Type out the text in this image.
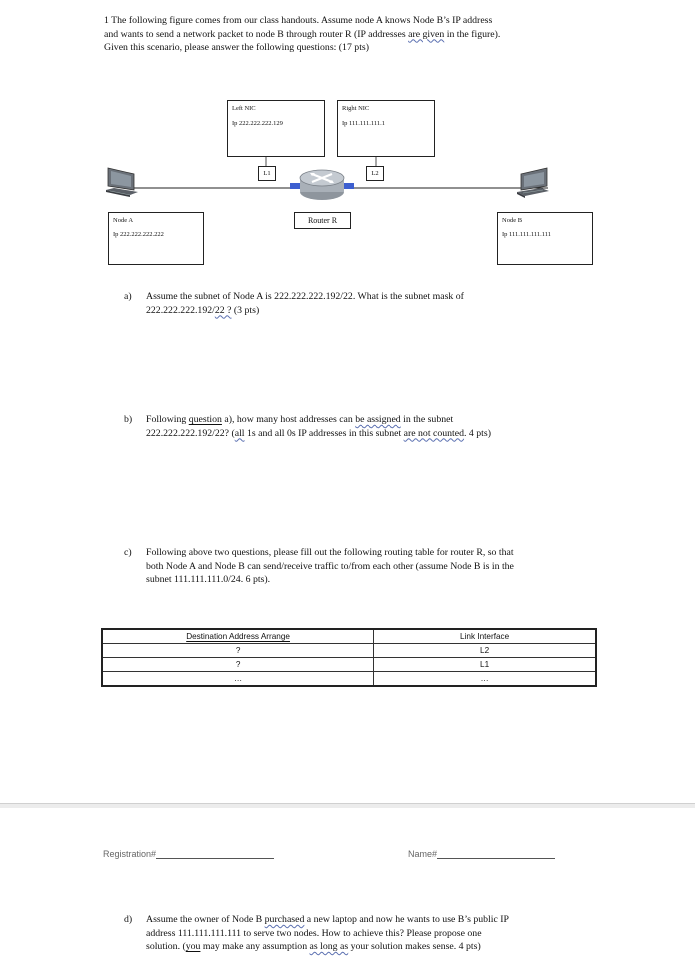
1 The following figure comes from our class handouts. Assume node A knows Node B’s IP address
and wants to send a network packet to node B through router R (IP addresses are given in the figure).
Given this scenario, please answer the following questions: (17 pts)
Left NIC
Ip 222.222.222.129
Right NIC
Ip 111.111.111.1
L1	L2
Router R
Node A
Ip 222.222.222.222
Node B
Ip 111.111.111.111
a) Assume the subnet of Node A is 222.222.222.192/22. What is the subnet mask of
222.222.222.192/22 ? (3 pts)
b) Following question a), how many host addresses can be assigned in the subnet
222.222.222.192/22? (all 1s and all 0s IP addresses in this subnet are not counted. 4 pts)
c) Following above two questions, please fill out the following routing table for router R, so that
both Node A and Node B can send/receive traffic to/from each other (assume Node B is in the
subnet 111.111.111.0/24. 6 pts).
Destination Address Arrange	Link Interface
?	L2
?	L1
…	…
Registration#	Name#
d) Assume the owner of Node B purchased a new laptop and now he wants to use B’s public IP
address 111.111.111.111 to serve two nodes. How to achieve this? Please propose one
solution. (you may make any assumption as long as your solution makes sense. 4 pts)
